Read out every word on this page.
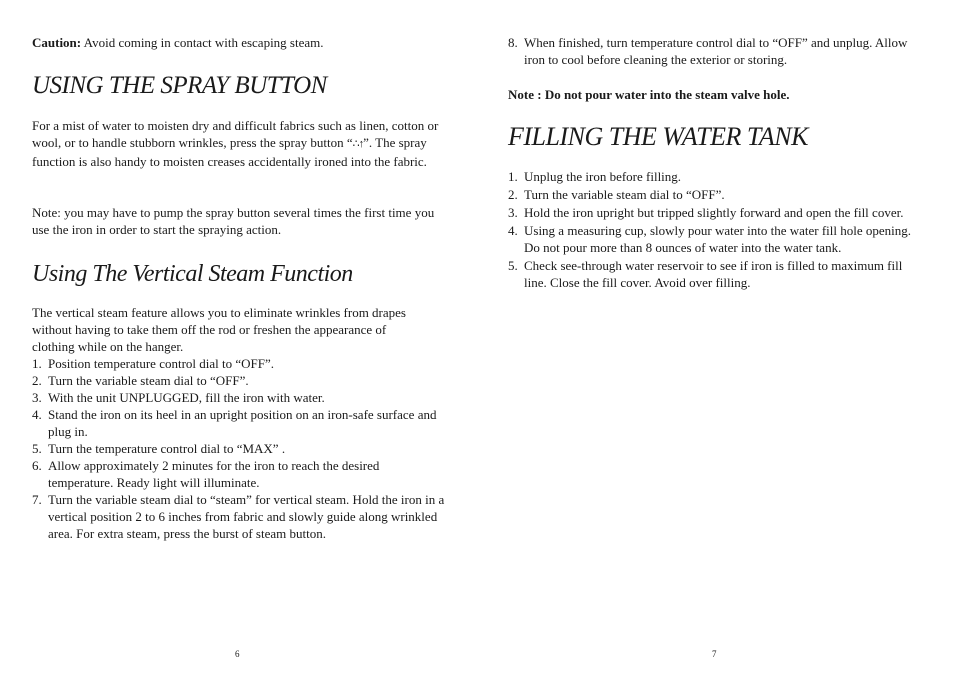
Caution: Avoid coming in contact with escaping steam.

USING THE SPRAY BUTTON

For a mist of water to moisten dry and difficult fabrics such as linen, cotton or wool, or to handle stubborn wrinkles, press the spray button “∴↑”. The spray function is also handy to moisten creases accidentally ironed into the fabric.

Note: you may have to pump the spray button several times the first time you use the iron in order to start the spraying action.

Using The Vertical Steam Function

The vertical steam feature allows you to eliminate wrinkles from drapes without having to take them off the rod or freshen the appearance of clothing while on the hanger.

1. Position temperature control dial to “OFF”.
2. Turn the variable steam dial to “OFF”.
3. With the unit UNPLUGGED, fill the iron with water.
4. Stand the iron on its heel in an upright position on an iron-safe surface and plug in.
5. Turn the temperature control dial to “MAX” .
6. Allow approximately 2 minutes for the iron to reach the desired temperature. Ready light will illuminate.
7. Turn the variable steam dial to “steam” for vertical steam. Hold the iron in a vertical position 2 to 6 inches from fabric and slowly guide along wrinkled area. For extra steam, press the burst of steam button.
8. When finished, turn temperature control dial to “OFF” and unplug. Allow iron to cool before cleaning the exterior or storing.

Note : Do not pour water into the steam valve hole.

FILLING THE WATER TANK
1. Unplug the iron before filling.
2. Turn the variable steam dial to “OFF”.
3. Hold the iron upright but tripped slightly forward and open the fill cover.
4. Using a measuring cup, slowly pour water into the water fill hole opening. Do not pour more than 8 ounces of water into the water tank.
5. Check see-through water reservoir to see if iron is filled to maximum fill line. Close the fill cover. Avoid over filling.
6	7
